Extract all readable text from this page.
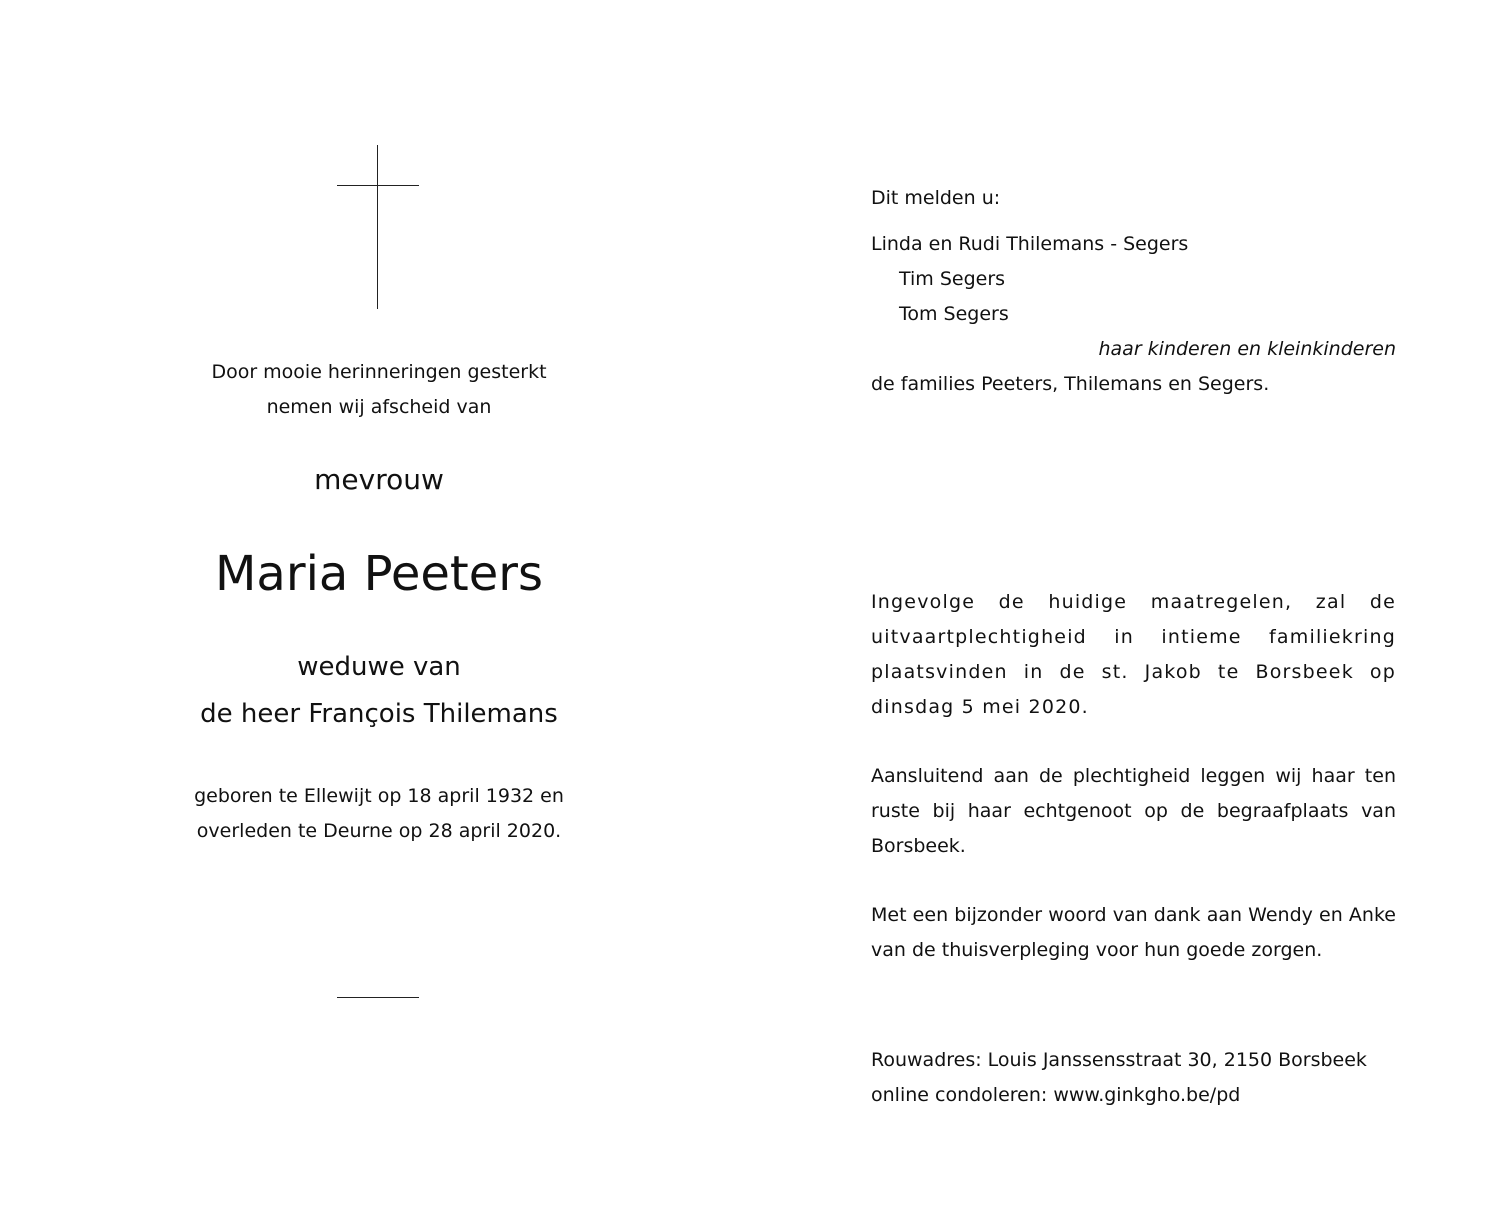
Door mooie herinneringen gesterkt
nemen wij afscheid van
mevrouw
Maria Peeters
weduwe van
de heer François Thilemans
geboren te Ellewijt op 18 april 1932 en
overleden te Deurne op 28 april 2020.
Dit melden u:
Linda en Rudi Thilemans - Segers
Tim Segers
Tom Segers
haar kinderen en kleinkinderen
de families Peeters, Thilemans en Segers.

Ingevolge de huidige maatregelen, zal de uitvaartplechtigheid in intieme familiekring plaatsvinden in de st. Jakob te Borsbeek op dinsdag 5 mei 2020.

Aansluitend aan de plechtigheid leggen wij haar ten ruste bij haar echtgenoot op de begraafplaats van Borsbeek.

Met een bijzonder woord van dank aan Wendy en Anke van de thuisverpleging voor hun goede zorgen.

Rouwadres: Louis Janssensstraat 30, 2150 Borsbeek
online condoleren: www.ginkgho.be/pd
